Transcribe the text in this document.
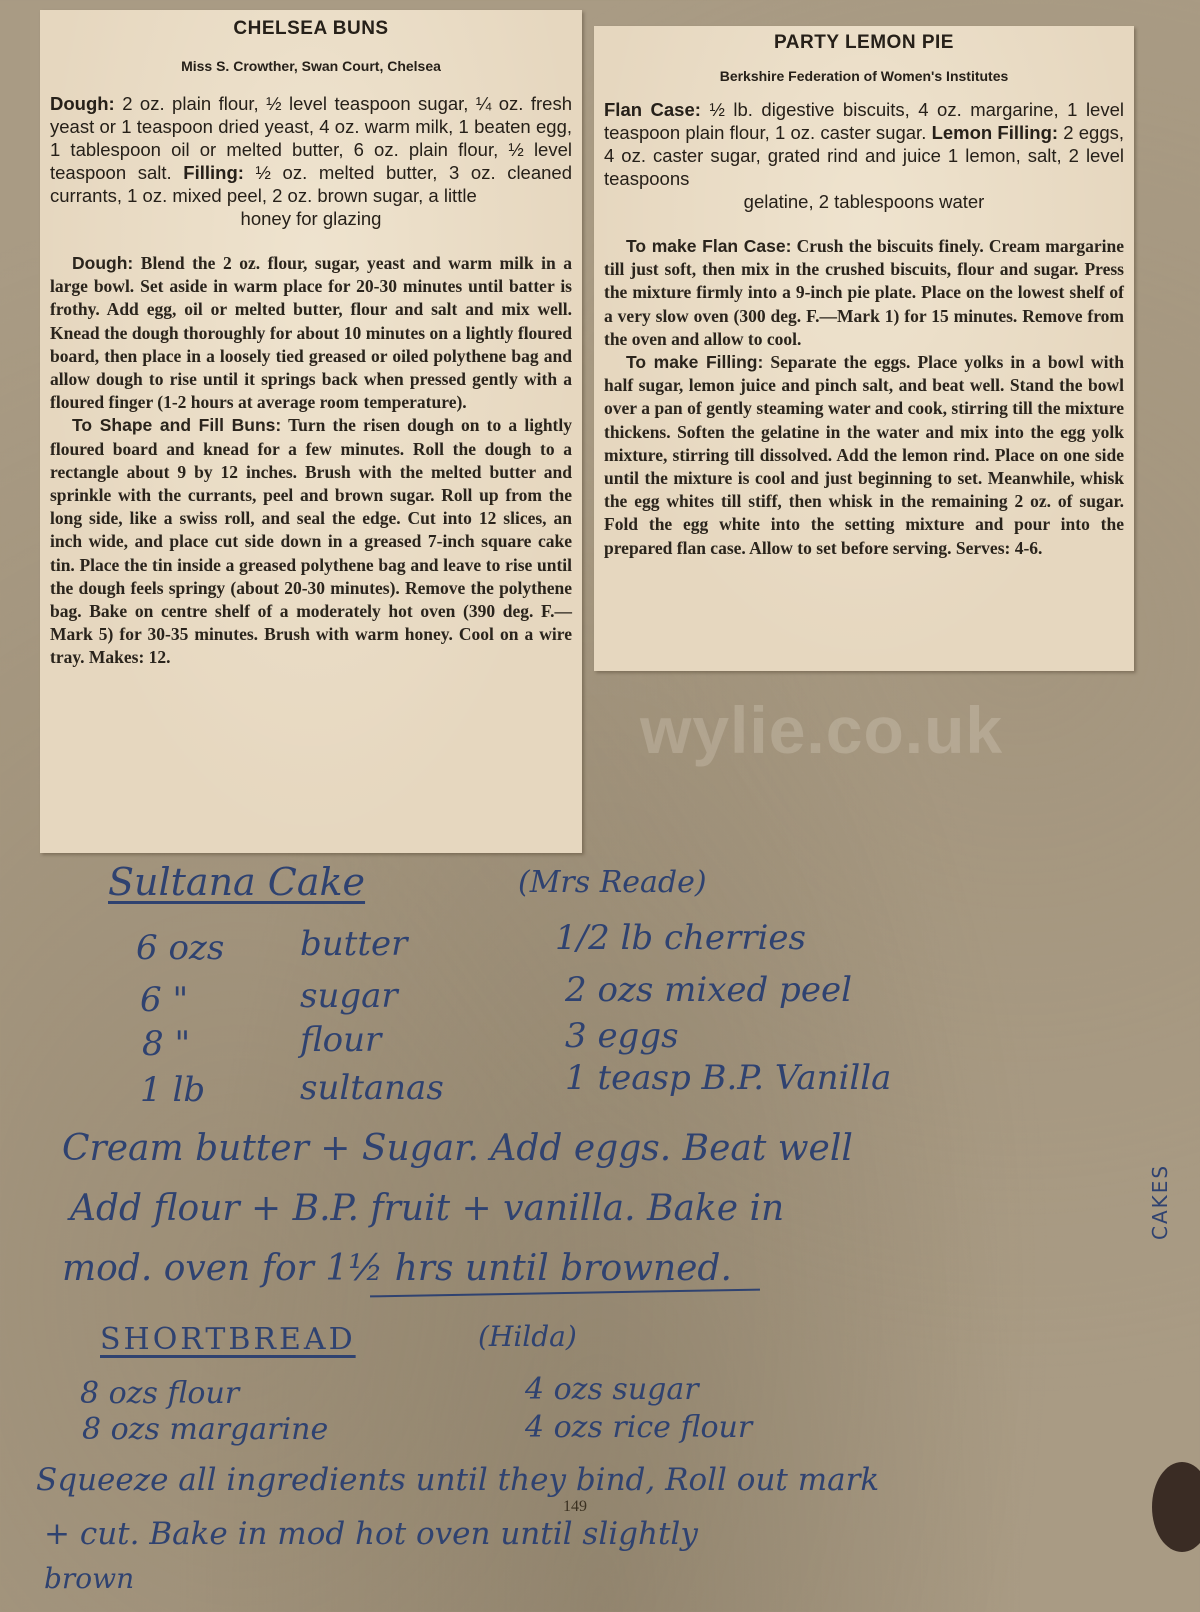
CHELSEA BUNS

Miss S. Crowther, Swan Court, Chelsea

Dough: 2 oz. plain flour, ½ level teaspoon sugar, ¼ oz. fresh yeast or 1 teaspoon dried yeast, 4 oz. warm milk, 1 beaten egg, 1 tablespoon oil or melted butter, 6 oz. plain flour, ½ level teaspoon salt. Filling: ½ oz. melted butter, 3 oz. cleaned currants, 1 oz. mixed peel, 2 oz. brown sugar, a little
honey for glazing

Dough: Blend the 2 oz. flour, sugar, yeast and warm milk in a large bowl. Set aside in warm place for 20-30 minutes until batter is frothy. Add egg, oil or melted butter, flour and salt and mix well. Knead the dough thoroughly for about 10 minutes on a lightly floured board, then place in a loosely tied greased or oiled polythene bag and allow dough to rise until it springs back when pressed gently with a floured finger (1-2 hours at average room temperature).

To Shape and Fill Buns: Turn the risen dough on to a lightly floured board and knead for a few minutes. Roll the dough to a rectangle about 9 by 12 inches. Brush with the melted butter and sprinkle with the currants, peel and brown sugar. Roll up from the long side, like a swiss roll, and seal the edge. Cut into 12 slices, an inch wide, and place cut side down in a greased 7-inch square cake tin. Place the tin inside a greased polythene bag and leave to rise until the dough feels springy (about 20-30 minutes). Remove the polythene bag. Bake on centre shelf of a moderately hot oven (390 deg. F.—Mark 5) for 30-35 minutes. Brush with warm honey. Cool on a wire tray. Makes: 12.

PARTY LEMON PIE

Berkshire Federation of Women's Institutes

Flan Case: ½ lb. digestive biscuits, 4 oz. margarine, 1 level teaspoon plain flour, 1 oz. caster sugar. Lemon Filling: 2 eggs, 4 oz. caster sugar, grated rind and juice 1 lemon, salt, 2 level teaspoons
gelatine, 2 tablespoons water

To make Flan Case: Crush the biscuits finely. Cream margarine till just soft, then mix in the crushed biscuits, flour and sugar. Press the mixture firmly into a 9-inch pie plate. Place on the lowest shelf of a very slow oven (300 deg. F.—Mark 1) for 15 minutes. Remove from the oven and allow to cool.

To make Filling: Separate the eggs. Place yolks in a bowl with half sugar, lemon juice and pinch salt, and beat well. Stand the bowl over a pan of gently steaming water and cook, stirring till the mixture thickens. Soften the gelatine in the water and mix into the egg yolk mixture, stirring till dissolved. Add the lemon rind. Place on one side until the mixture is cool and just beginning to set. Meanwhile, whisk the egg whites till stiff, then whisk in the remaining 2 oz. of sugar. Fold the egg white into the setting mixture and pour into the prepared flan case. Allow to set before serving. Serves: 4-6.

wylie.co.uk
Sultana Cake	(Mrs Reade)
6 ozs butter	1/2 lb cherries
6 "	sugar	2 ozs mixed peel
8 "	flour	3 eggs
1 lb	sultanas	1 teasp B.P. Vanilla
Cream butter + Sugar. Add eggs. Beat well
Add flour + B.P. fruit + vanilla. Bake in
mod. oven for 1½ hrs until browned.
SHORTBREAD	(Hilda)
8 ozs flour	4 ozs sugar
8 ozs margarine	4 ozs rice flour
Squeeze all ingredients until they bind, Roll out mark
+ cut. Bake in mod hot oven until slightly
brown
149
CAKES
